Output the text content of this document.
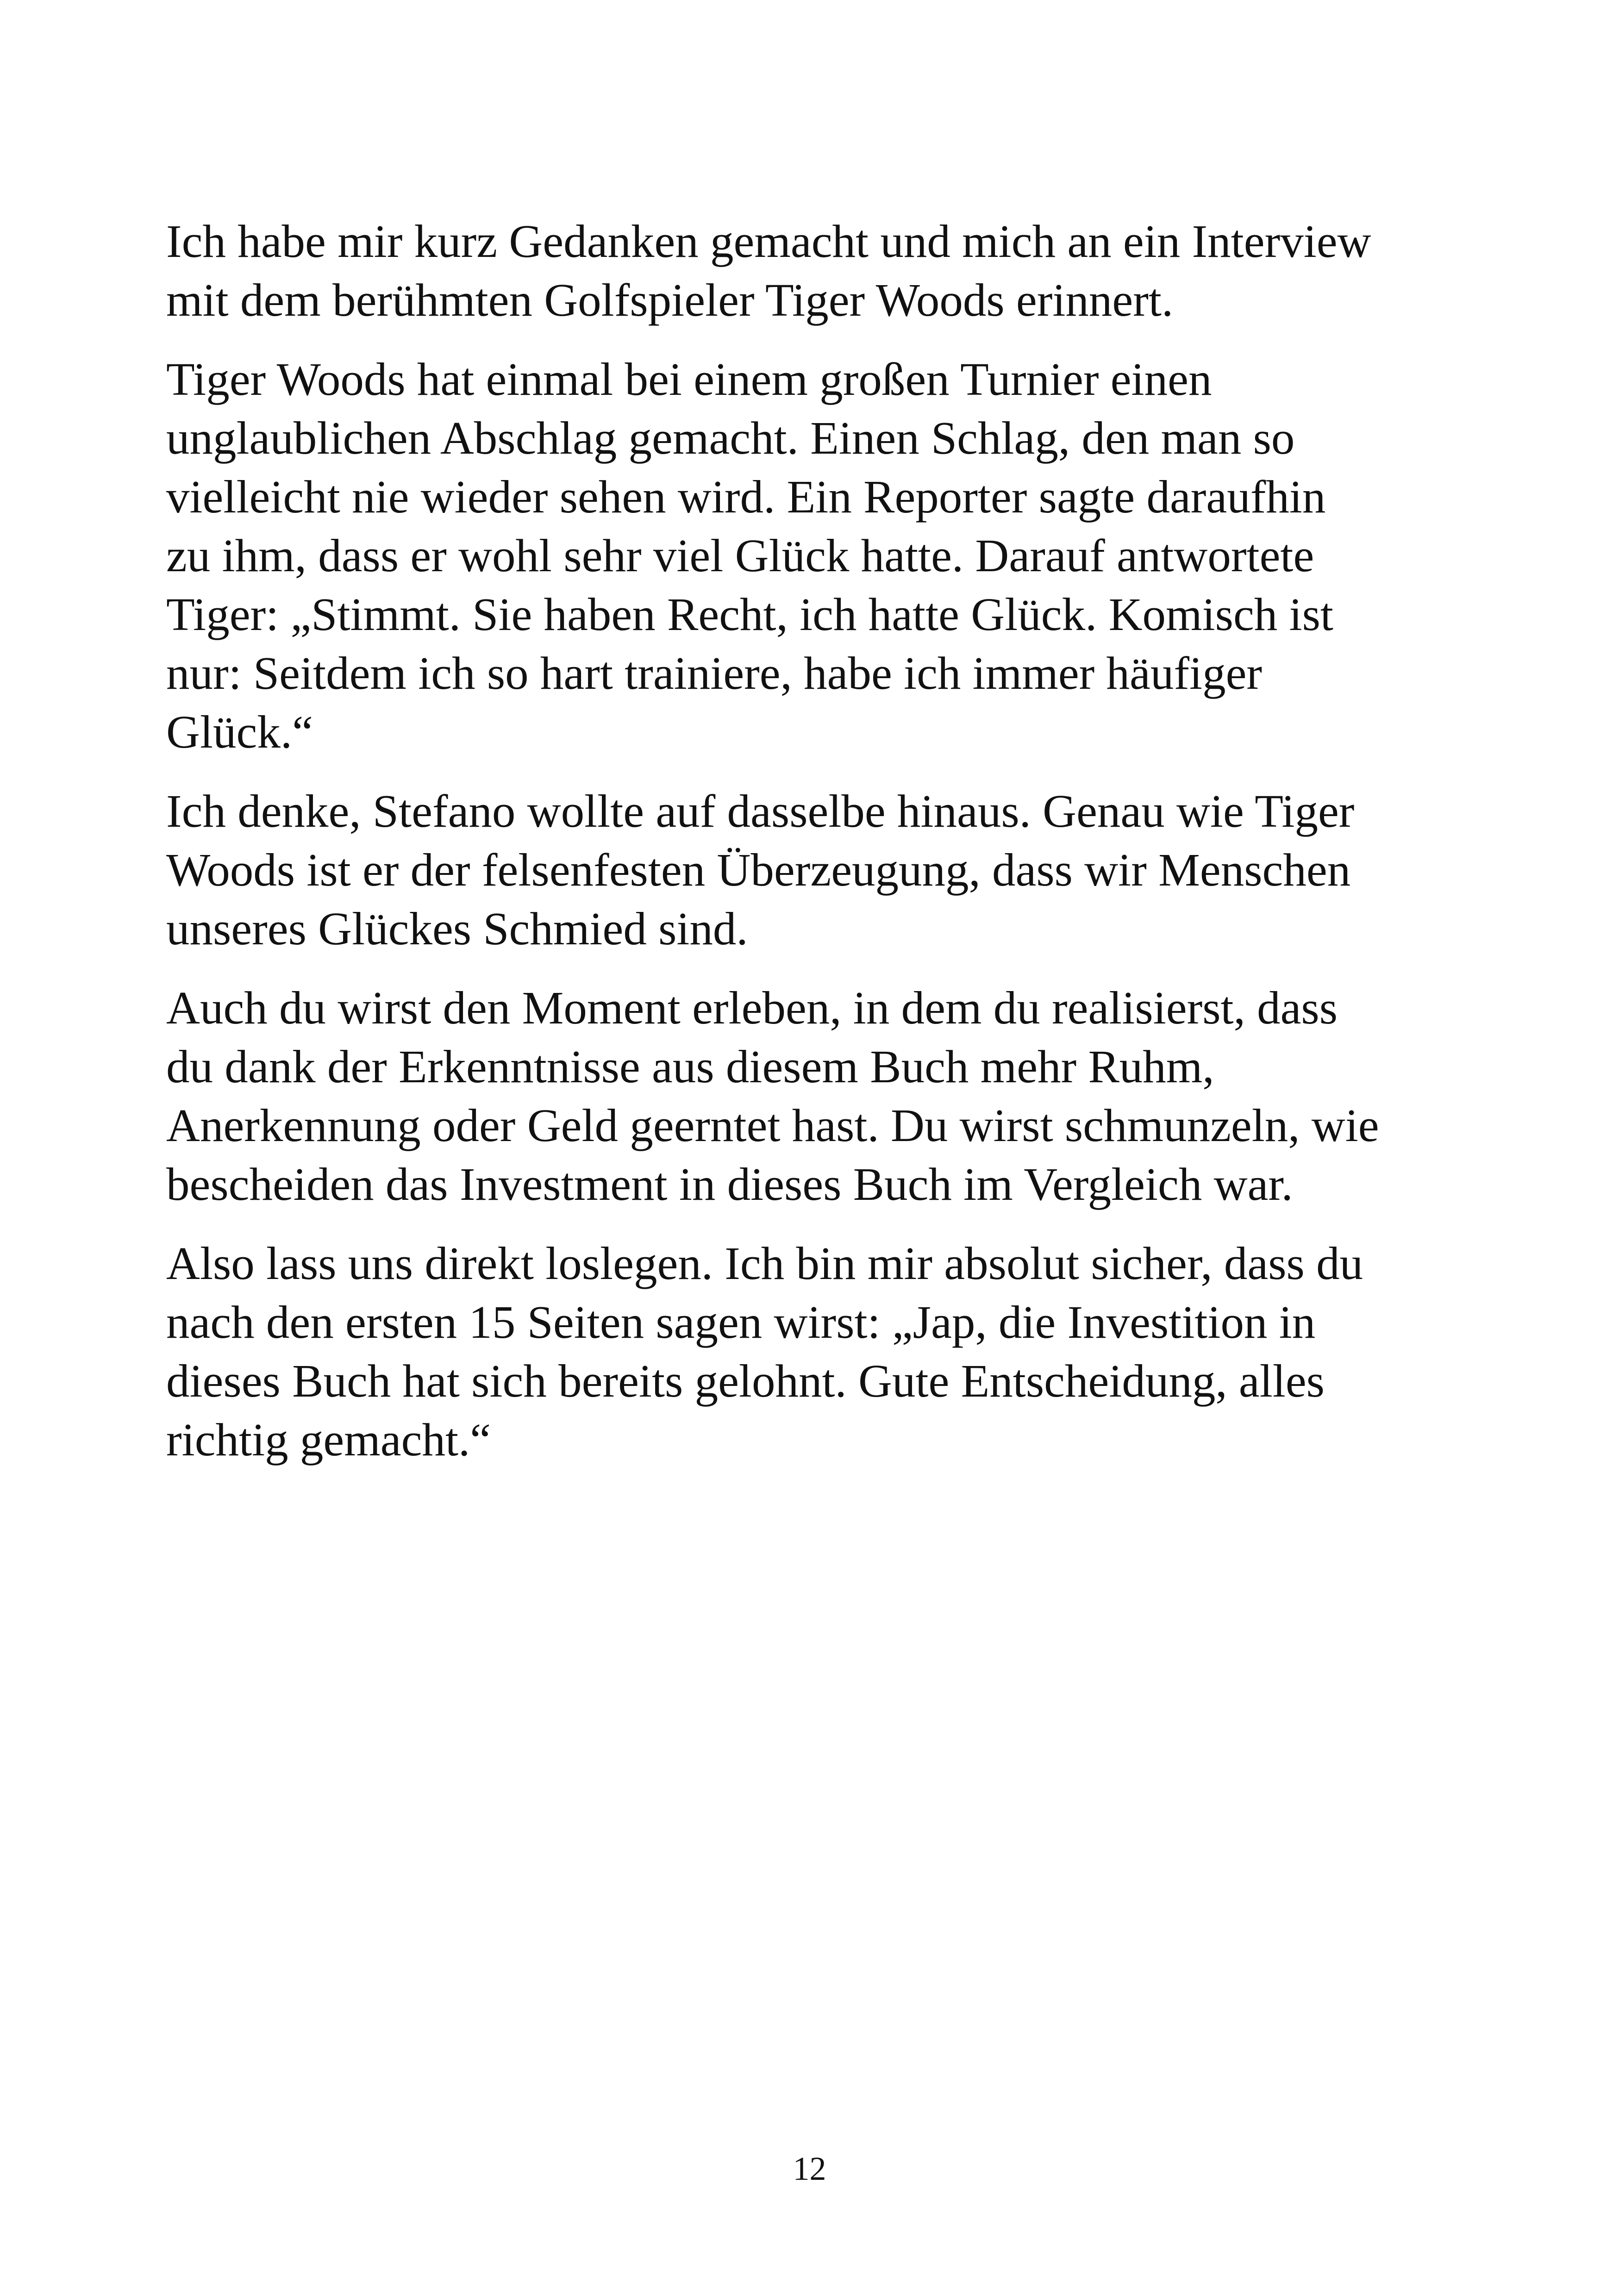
Ich habe mir kurz Gedanken gemacht und mich an ein Interview
mit dem berühmten Golfspieler Tiger Woods erinnert.

Tiger Woods hat einmal bei einem großen Turnier einen
unglaublichen Abschlag gemacht. Einen Schlag, den man so
vielleicht nie wieder sehen wird. Ein Reporter sagte daraufhin
zu ihm, dass er wohl sehr viel Glück hatte. Darauf antwortete
Tiger: „Stimmt. Sie haben Recht, ich hatte Glück. Komisch ist
nur: Seitdem ich so hart trainiere, habe ich immer häufiger
Glück.“

Ich denke, Stefano wollte auf dasselbe hinaus. Genau wie Tiger
Woods ist er der felsenfesten Überzeugung, dass wir Menschen
unseres Glückes Schmied sind.

Auch du wirst den Moment erleben, in dem du realisierst, dass
du dank der Erkenntnisse aus diesem Buch mehr Ruhm,
Anerkennung oder Geld geerntet hast. Du wirst schmunzeln, wie
bescheiden das Investment in dieses Buch im Vergleich war.

Also lass uns direkt loslegen. Ich bin mir absolut sicher, dass du
nach den ersten 15 Seiten sagen wirst: „Jap, die Investition in
dieses Buch hat sich bereits gelohnt. Gute Entscheidung, alles
richtig gemacht.“

12
